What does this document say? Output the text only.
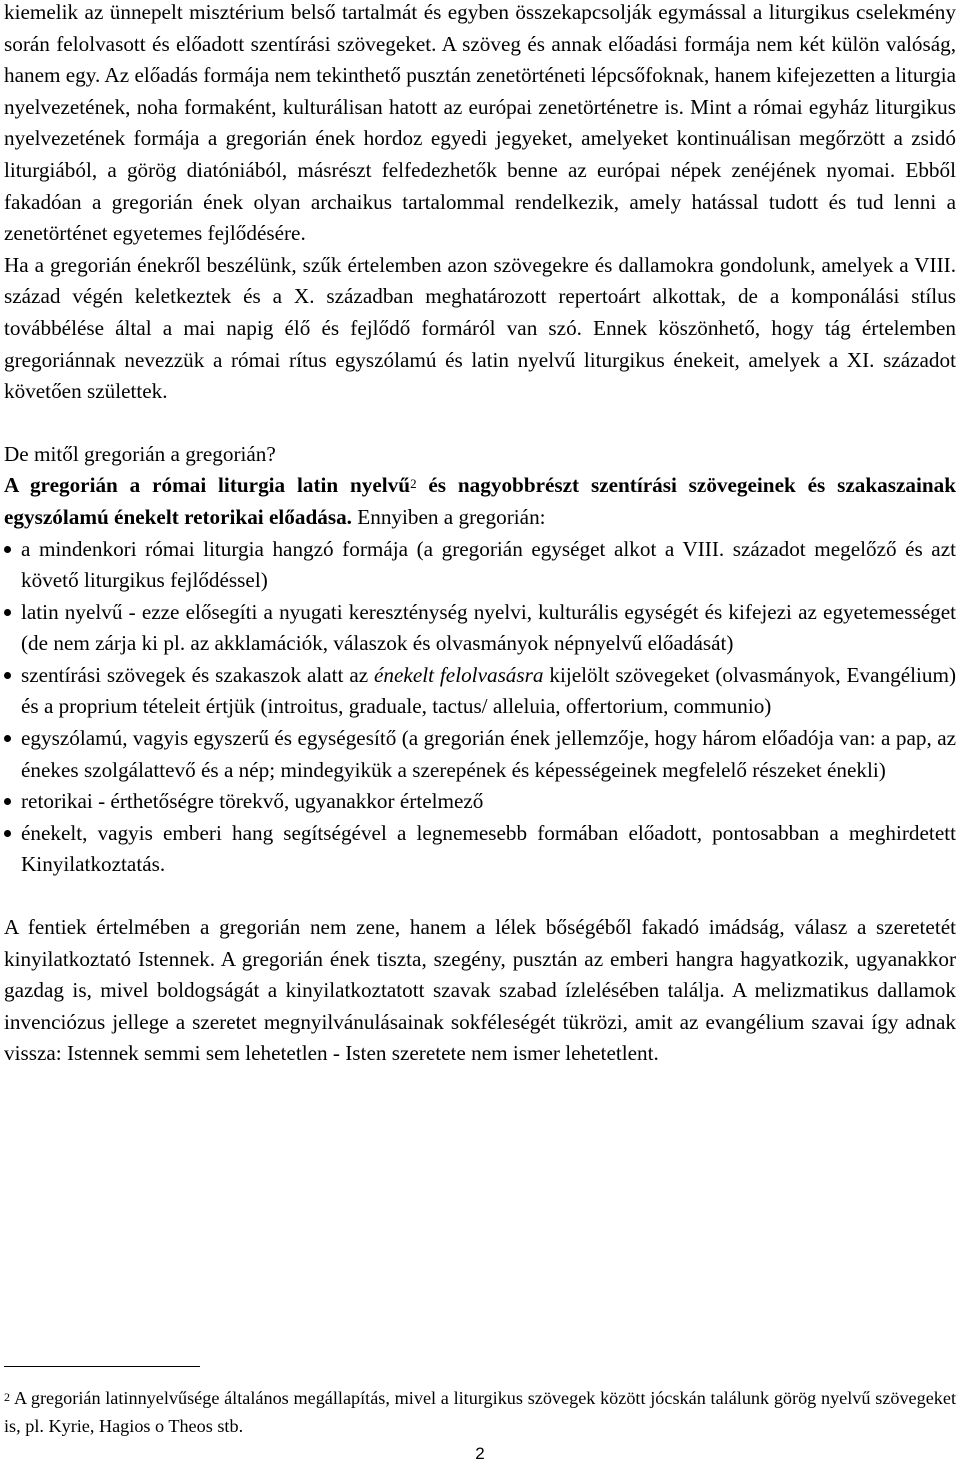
kiemelik az ünnepelt misztérium belső tartalmát és egyben összekapcsolják egymással a liturgikus cselekmény során felolvasott és előadott szentírási szövegeket. A szöveg és annak előadási formája nem két külön valóság, hanem egy. Az előadás formája nem tekinthető pusztán zenetörténeti lépcsőfoknak, hanem kifejezetten a liturgia nyelvezetének, noha formaként, kulturálisan hatott az európai zenetörténetre is. Mint a római egyház liturgikus nyelvezetének formája a gregorián ének hordoz egyedi jegyeket, amelyeket kontinuálisan megőrzött a zsidó liturgiából, a görög diatóniából, másrészt felfedezhetők benne az európai népek zenéjének nyomai. Ebből fakadóan a gregorián ének olyan archaikus tartalommal rendelkezik, amely hatással tudott és tud lenni a zenetörténet egyetemes fejlődésére.

Ha a gregorián énekről beszélünk, szűk értelemben azon szövegekre és dallamokra gondolunk, amelyek a VIII. század végén keletkeztek és a X. században meghatározott repertoárt alkottak, de a komponálási stílus továbbélése által a mai napig élő és fejlődő formáról van szó. Ennek köszönhető, hogy tág értelemben gregoriánnak nevezzük a római rítus egyszólamú és latin nyelvű liturgikus énekeit, amelyek a XI. századot követően születtek.

De mitől gregorián a gregorián?

A gregorián a római liturgia latin nyelvű$^2$ és nagyobbrészt szentírási szövegeinek és szakaszainak egyszólamú énekelt retorikai előadása. Ennyiben a gregorián:

a mindenkori római liturgia hangzó formája (a gregorián egységet alkot a VIII. századot megelőző és azt követő liturgikus fejlődéssel)
latin nyelvű - ezze elősegíti a nyugati kereszténység nyelvi, kulturális egységét és kifejezi az egyetemességet (de nem zárja ki pl. az akklamációk, válaszok és olvasmányok népnyelvű előadását)
szentírási szövegek és szakaszok alatt az énekelt felolvasásra kijelölt szövegeket (olvasmányok, Evangélium) és a proprium tételeit értjük (introitus, graduale, tactus/ alleluia, offertorium, communio)
egyszólamú, vagyis egyszerű és egységesítő (a gregorián ének jellemzője, hogy három előadója van: a pap, az énekes szolgálattevő és a nép; mindegyikük a szerepének és képességeinek megfelelő részeket énekli)
retorikai - érthetőségre törekvő, ugyanakkor értelmező
énekelt, vagyis emberi hang segítségével a legnemesebb formában előadott, pontosabban a meghirdetett Kinyilatkoztatás.

A fentiek értelmében a gregorián nem zene, hanem a lélek bőségéből fakadó imádság, válasz a szeretetét kinyilatkoztató Istennek. A gregorián ének tiszta, szegény, pusztán az emberi hangra hagyatkozik, ugyanakkor gazdag is, mivel boldogságát a kinyilatkoztatott szavak szabad ízlelésében találja. A melizmatikus dallamok invenciózus jellege a szeretet megnyilvánulásainak sokféleségét tükrözi, amit az evangélium szavai így adnak vissza: Istennek semmi sem lehetetlen - Isten szeretete nem ismer lehetetlent.

$^2$ A gregorián latinnyelvűsége általános megállapítás, mivel a liturgikus szövegek között jócskán találunk görög nyelvű szövegeket is, pl. Kyrie, Hagios o Theos stb.
2
